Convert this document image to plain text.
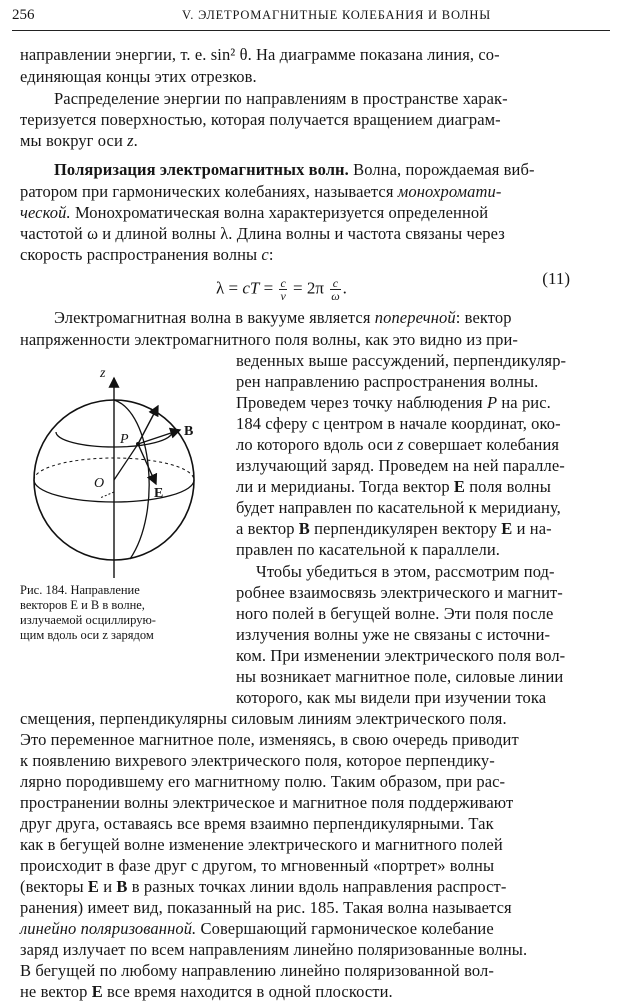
256	V. ЭЛЕТРОМАГНИТНЫЕ КОЛЕБАНИЯ И ВОЛНЫ
направлении энергии, т. е. sin² θ. На диаграмме показана линия, со-
единяющая концы этих отрезков.
Распределение энергии по направлениям в пространстве харак-
теризуется поверхностью, которая получается вращением диаграм-
мы вокруг оси z.
Поляризация электромагнитных волн. Волна, порождаемая виб-
ратором при гармонических колебаниях, называется монохромати-
ческой. Монохроматическая волна характеризуется определенной
частотой ω и длиной волны λ. Длина волны и частота связаны через
скорость распространения волны c:
λ = cT = $\frac{c}{\nu} = 2\pi \frac{c}{\omega}$ .	(11)
Электромагнитная волна в вакууме является поперечной: вектор
напряженности электромагнитного поля волны, как это видно из при-
веденных выше рассуждений, перпендикуляр-
рен направлению распространения волны.
Проведем через точку наблюдения P на рис.
184 сферу с центром в начале координат, око-
ло которого вдоль оси z совершает колебания
излучающий заряд. Проведем на ней паралле-
ли и меридианы. Тогда вектор E поля волны
будет направлен по касательной к меридиану,
а вектор B перпендикулярен вектору E и на-
правлен по касательной к параллели.
Чтобы убедиться в этом, рассмотрим под-
робнее взаимосвязь электрического и магнит-
ного полей в бегущей волне. Эти поля после
излучения волны уже не связаны с источни-
ком. При изменении электрического поля вол-
ны возникает магнитное поле, силовые линии
которого, как мы видели при изучении тока
смещения, перпендикулярны силовым линиям электрического поля.
Это переменное магнитное поле, изменяясь, в свою очередь приводит
к появлению вихревого электрического поля, которое перпендику-
лярно породившему его магнитному полю. Таким образом, при рас-
пространении волны электрическое и магнитное поля поддерживают
друг друга, оставаясь все время взаимно перпендикулярными. Так
как в бегущей волне изменение электрического и магнитного полей
происходит в фазе друг с другом, то мгновенный «портрет» волны
(векторы E и B в разных точках линии вдоль направления распрост-
ранения) имеет вид, показанный на рис. 185. Такая волна называется
линейно поляризованной. Совершающий гармоническое колебание
заряд излучает по всем направлениям линейно поляризованные волны.
В бегущей по любому направлению линейно поляризованной вол-
не вектор E все время находится в одной плоскости.
z
P
O
B
E
Рис. 184. Направление
векторов E и B в волне,
излучаемой осциллирую-
щим вдоль оси z зарядом
